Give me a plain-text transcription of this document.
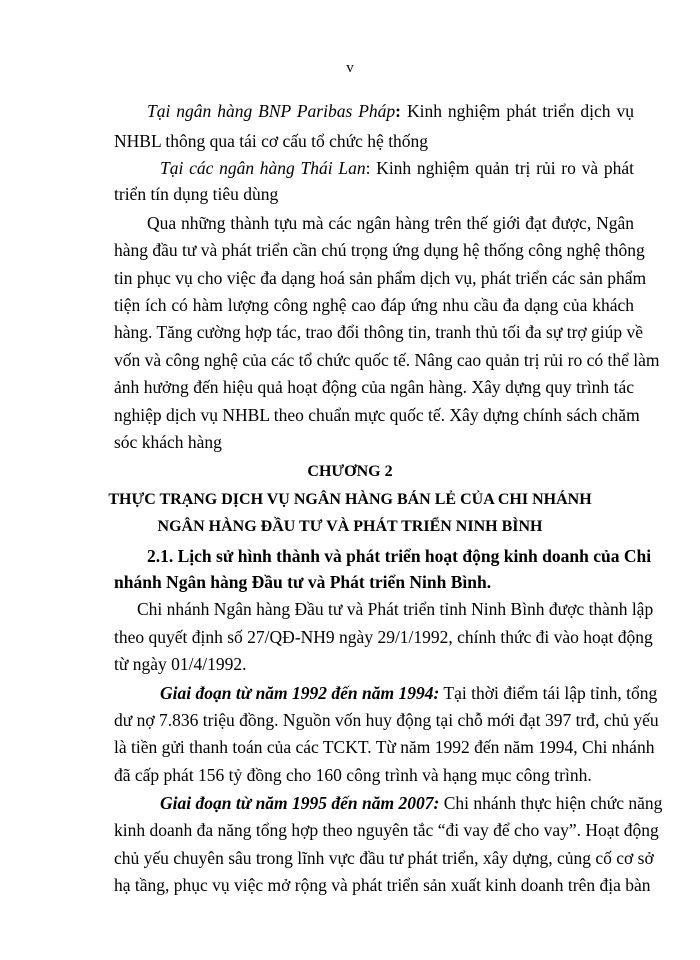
v
Tại ngân hàng BNP Paribas Pháp: Kinh nghiệm phát triển dịch vụ
NHBL thông qua tái cơ cấu tổ chức hệ thống
Tại các ngân hàng Thái Lan: Kinh nghiệm quản trị rủi ro và phát
triển tín dụng tiêu dùng
Qua những thành tựu mà các ngân hàng trên thế giới đạt được, Ngân
hàng đầu tư và phát triển cần chú trọng ứng dụng hệ thống công nghệ thông
tin phục vụ cho việc đa dạng hoá sản phẩm dịch vụ, phát triển các sản phẩm
tiện ích có hàm lượng công nghệ cao đáp ứng nhu cầu đa dạng của khách
hàng. Tăng cường hợp tác, trao đổi thông tin, tranh thủ tối đa sự trợ giúp về
vốn và công nghệ của các tổ chức quốc tế. Nâng cao quản trị rủi ro có thể làm
ảnh hưởng đến hiệu quả hoạt động của ngân hàng. Xây dựng quy trình tác
nghiệp dịch vụ NHBL theo chuẩn mực quốc tế. Xây dựng chính sách chăm
sóc khách hàng
CHƯƠNG 2
THỰC TRẠNG DỊCH VỤ NGÂN HÀNG BÁN LẺ CỦA CHI NHÁNH
NGÂN HÀNG ĐẦU TƯ VÀ PHÁT TRIỂN NINH BÌNH
2.1. Lịch sử hình thành và phát triển hoạt động kinh doanh của Chi
nhánh Ngân hàng Đầu tư và Phát triển Ninh Bình.
Chi nhánh Ngân hàng Đầu tư và Phát triển tỉnh Ninh Bình được thành lập
theo quyết định số 27/QĐ-NH9 ngày 29/1/1992, chính thức đi vào hoạt động
từ ngày 01/4/1992.
Giai đoạn từ năm 1992 đến năm 1994: Tại thời điểm tái lập tỉnh, tổng
dư nợ 7.836 triệu đồng. Nguồn vốn huy động tại chỗ mới đạt 397 trđ, chủ yếu
là tiền gửi thanh toán của các TCKT. Từ năm 1992 đến năm 1994, Chi nhánh
đã cấp phát 156 tỷ đồng cho 160 công trình và hạng mục công trình.
Giai đoạn từ năm 1995 đến năm 2007: Chi nhánh thực hiện chức năng
kinh doanh đa năng tổng hợp theo nguyên tắc “đi vay để cho vay”. Hoạt động
chủ yếu chuyên sâu trong lĩnh vực đầu tư phát triển, xây dựng, củng cố cơ sở
hạ tầng, phục vụ việc mở rộng và phát triển sản xuất kinh doanh trên địa bàn
